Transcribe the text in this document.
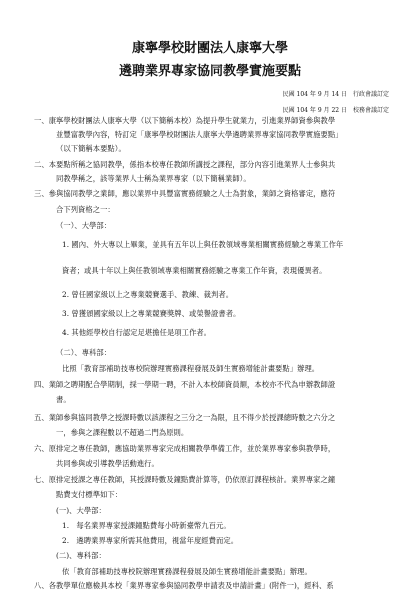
康寧學校財團法人康寧大學
遴聘業界專家協同教學實施要點
民國 104 年 9 月 14 日　行政會議訂定
民國 104 年 9 月 22 日　校務會議訂定
一、康寧學校財團法人康寧大學（以下簡稱本校）為提升學生就業力，引進業界師資參與教學
並豐富教學內容，特訂定「康寧學校財團法人康寧大學遴聘業界專家協同教學實施要點」
（以下簡稱本要點）。
二、本要點所稱之協同教學，係指本校專任教師所講授之課程，部分內容引進業界人士參與共
同教學稱之，該等業界人士稱為業界專家（以下簡稱業師）。
三、參與協同教學之業師，應以業界中具豐富實務經驗之人士為對象，業師之資格審定，應符
合下列資格之一：
（一）、大學部：
1. 國內、外大專以上畢業，並具有五年以上與任教領域專業相關實務經驗之專業工作年
資者；或具十年以上與任教領域專業相關實務經驗之專業工作年資，表現優異者。
2. 曾任國家級以上之專業競賽選手、教練、裁判者。
3. 曾獲頒國家級以上之專業競賽獎牌、或榮譽證書者。
4. 其他經學校自行認定足堪擔任是項工作者。
（二）、專科部：
比照「教育部補助技專校院辦理實務課程發展及師生實務增能計畫要點」辦理。
四、業師之聘期配合學期制，採一學期一聘，不計入本校師資員額，本校亦不代為申辦教師證
書。
五、業師參與協同教學之授課時數以該課程之三分之一為限，且不得少於授課總時數之六分之
一，參與之課程數以不超過二門為原則。
六、原排定之專任教師，應協助業界專家完成相關教學準備工作，並於業界專家參與教學時，
共同參與或引導教學活動進行。
七、原排定授課之專任教師，其授課時數及鐘點費計算等，仍依原訂課程核計。業界專家之鐘
點費支付標準如下：
(一)、大學部：
1.　每名業界專家授課鐘點費每小時新臺幣九百元。
2.　遴聘業界專家所需其他費用，視當年度經費而定。
(二)、專科部：
依「教育部補助技專校院辦理實務課程發展及師生實務增能計畫要點」辦理。
八、各教學單位應檢具本校「業界專家參與協同教學申請表及申請計畫」(附件一)，經科、系
